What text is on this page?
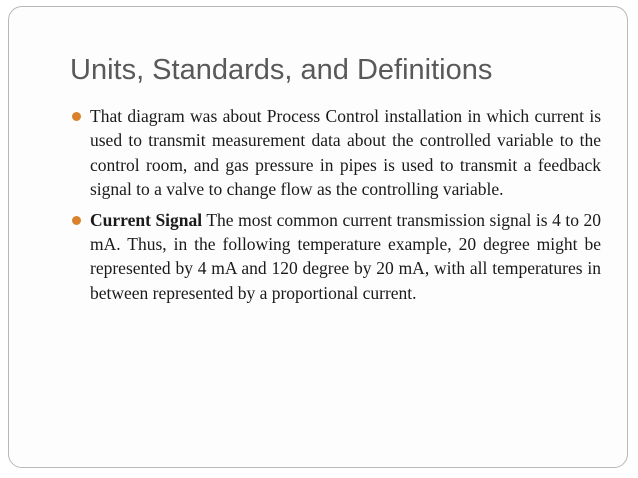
Units, Standards, and Definitions
That diagram was about Process Control installation in which current is used to transmit measurement data about the controlled variable to the control room, and gas pressure in pipes is used to transmit a feedback signal to a valve to change flow as the controlling variable.
Current Signal The most common current transmission signal is 4 to 20 mA. Thus, in the following temperature example, 20 degree might be represented by 4 mA and 120 degree by 20 mA, with all temperatures in between represented by a proportional current.
